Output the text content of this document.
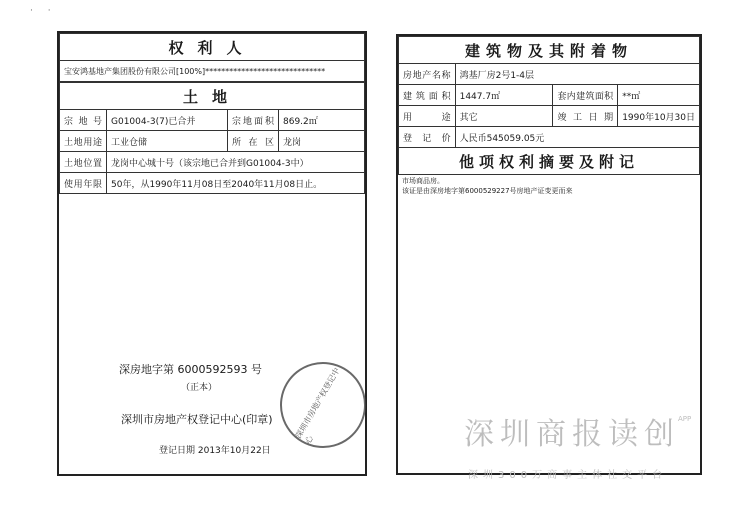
· ·
权利人
宝安鸿基地产集团股份有限公司[100%]******************************
土地			
宗地号	G01004-3(7)已合并	宗地面积	869.2㎡
土地用途	工业仓储	所在区	龙岗
土地位置	龙岗中心城十号（该宗地已合并到G01004-3中）		
使用年限	50年，从1990年11月08日至2040年11月08日止。		
深房地字第 6000592593 号
（正本）
深圳市房地产权登记中心(印章)
登记日期 2013年10月22日
深圳市房地产权登记中心
建筑物及其附着物			
房地产名称	鸿基厂房2号1-4层		
建筑面积	1447.7㎡	套内建筑面积	**㎡
用途	其它	竣工日期	1990年10月30日
登记价	人民币545059.05元		
他项权利摘要及附记			
市场商品房。
该证是由深房地字第6000529227号房地产证变更而来
深圳商报读创
APP
深圳300万商事主体社交平台
